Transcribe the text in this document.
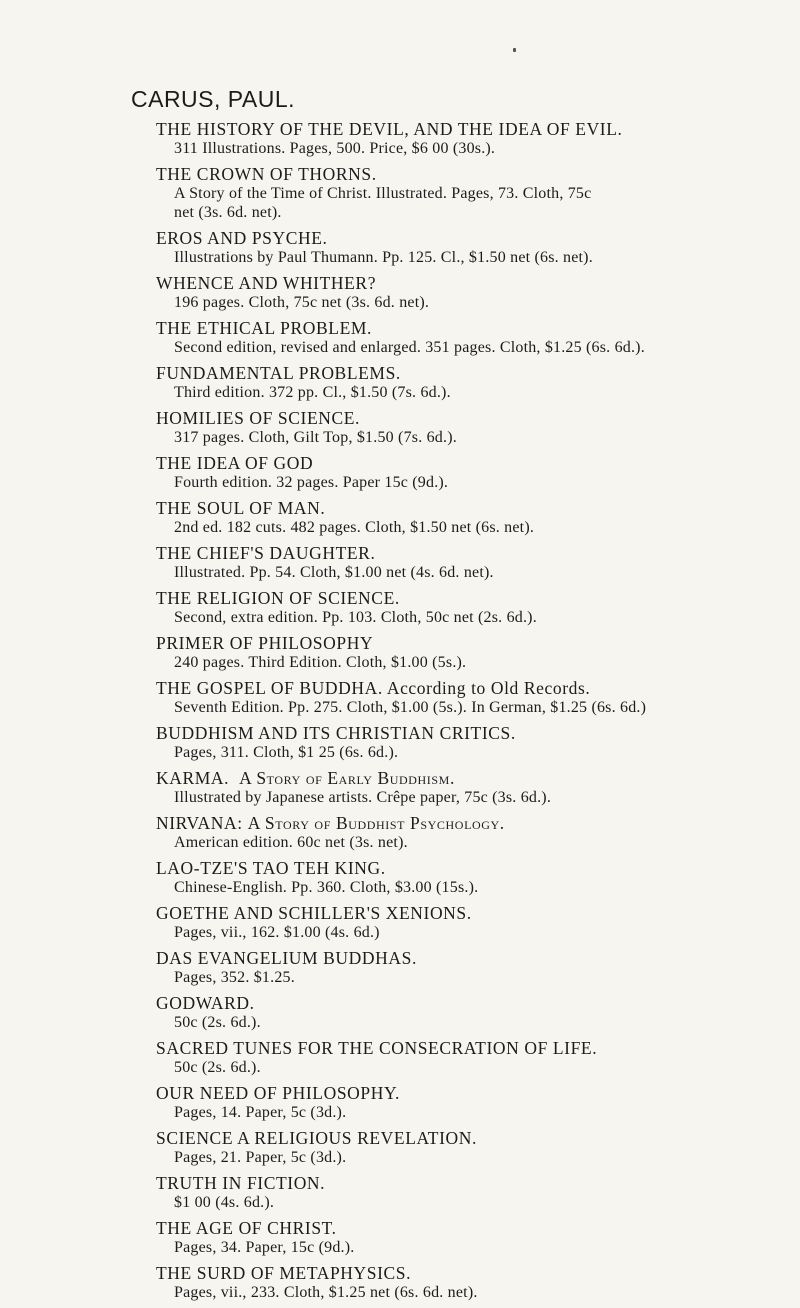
CARUS, PAUL.
THE HISTORY OF THE DEVIL, AND THE IDEA OF EVIL.
311 Illustrations. Pages, 500. Price, $6 00 (30s.).
THE CROWN OF THORNS.
A Story of the Time of Christ. Illustrated. Pages, 73. Cloth, 75c
net (3s. 6d. net).
EROS AND PSYCHE.
Illustrations by Paul Thumann. Pp. 125. Cl., $1.50 net (6s. net).
WHENCE AND WHITHER?
196 pages. Cloth, 75c net (3s. 6d. net).
THE ETHICAL PROBLEM.
Second edition, revised and enlarged. 351 pages. Cloth, $1.25 (6s. 6d.).
FUNDAMENTAL PROBLEMS.
Third edition. 372 pp. Cl., $1.50 (7s. 6d.).
HOMILIES OF SCIENCE.
317 pages. Cloth, Gilt Top, $1.50 (7s. 6d.).
THE IDEA OF GOD
Fourth edition. 32 pages. Paper 15c (9d.).
THE SOUL OF MAN.
2nd ed. 182 cuts. 482 pages. Cloth, $1.50 net (6s. net).
THE CHIEF'S DAUGHTER.
Illustrated. Pp. 54. Cloth, $1.00 net (4s. 6d. net).
THE RELIGION OF SCIENCE.
Second, extra edition. Pp. 103. Cloth, 50c net (2s. 6d.).
PRIMER OF PHILOSOPHY
240 pages. Third Edition. Cloth, $1.00 (5s.).
THE GOSPEL OF BUDDHA. According to Old Records.
Seventh Edition. Pp. 275. Cloth, $1.00 (5s.). In German, $1.25 (6s. 6d.)
BUDDHISM AND ITS CHRISTIAN CRITICS.
Pages, 311. Cloth, $1 25 (6s. 6d.).
KARMA. A Story of Early Buddhism.
Illustrated by Japanese artists. Crêpe paper, 75c (3s. 6d.).
NIRVANA: A Story of Buddhist Psychology.
American edition. 60c net (3s. net).
LAO-TZE'S TAO TEH KING.
Chinese-English. Pp. 360. Cloth, $3.00 (15s.).
GOETHE AND SCHILLER'S XENIONS.
Pages, vii., 162. $1.00 (4s. 6d.)
DAS EVANGELIUM BUDDHAS.
Pages, 352. $1.25.
GODWARD.
50c (2s. 6d.).
SACRED TUNES FOR THE CONSECRATION OF LIFE.
50c (2s. 6d.).
OUR NEED OF PHILOSOPHY.
Pages, 14. Paper, 5c (3d.).
SCIENCE A RELIGIOUS REVELATION.
Pages, 21. Paper, 5c (3d.).
TRUTH IN FICTION.
$1 00 (4s. 6d.).
THE AGE OF CHRIST.
Pages, 34. Paper, 15c (9d.).
THE SURD OF METAPHYSICS.
Pages, vii., 233. Cloth, $1.25 net (6s. 6d. net).
